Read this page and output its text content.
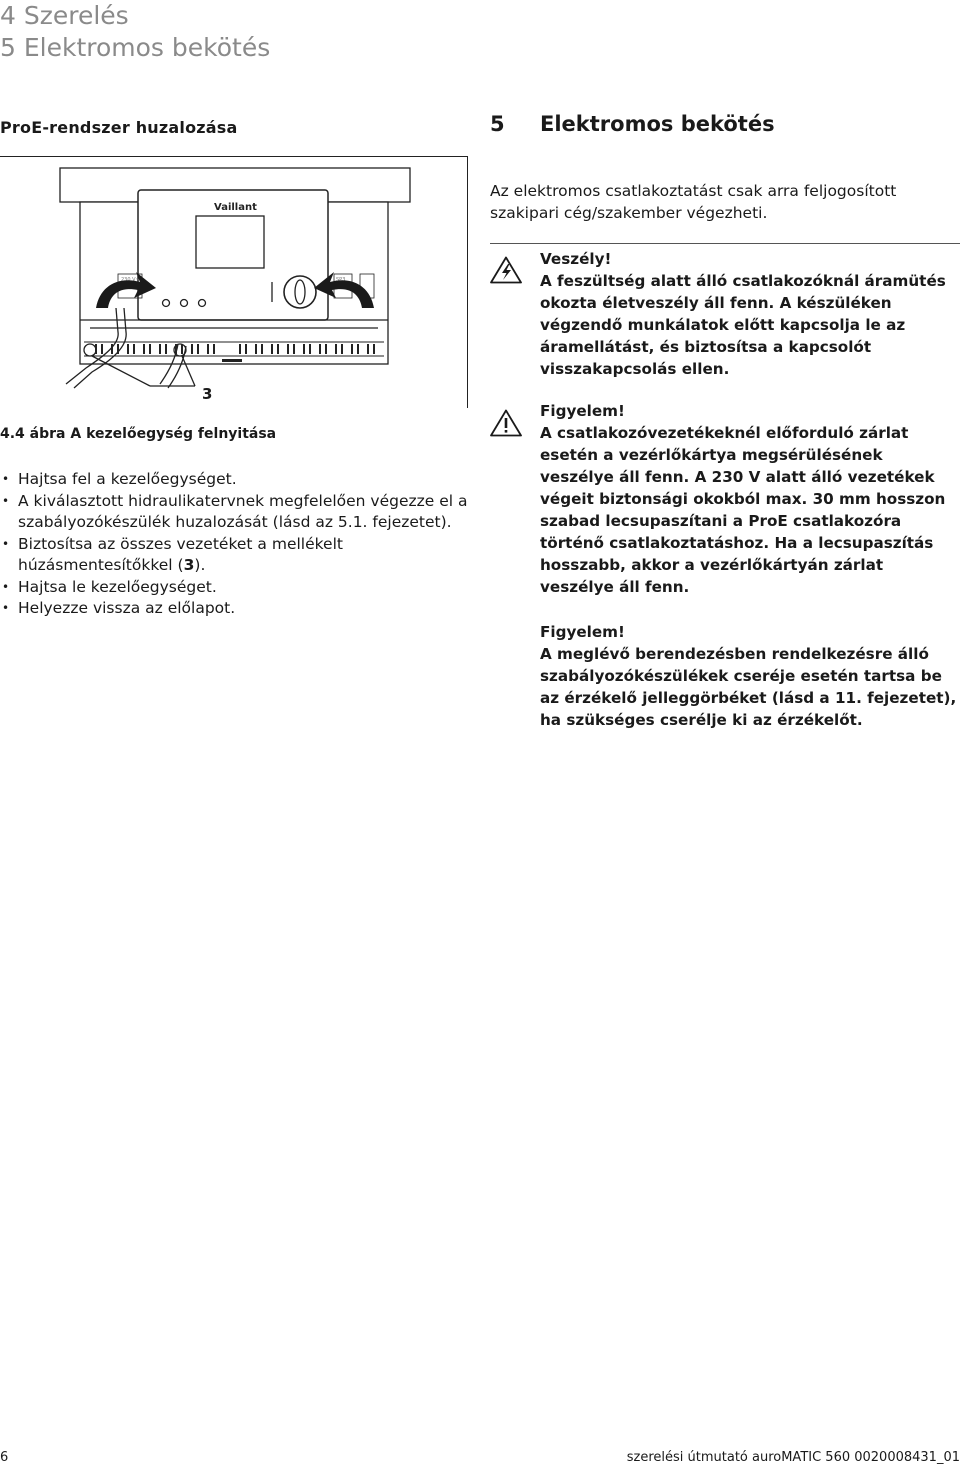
4 Szerelés
5 Elektromos bekötés
ProE-rendszer huzalozása
230 V~	SP3
Vaillant
3
4.4 ábra A kezelőegység felnyitása
• Hajtsa fel a kezelőegységet.
• A kiválasztott hidraulikatervnek megfelelően végezze el a szabályozókészülék huzalozását (lásd az 5.1. fejezetet).
• Biztosítsa az összes vezetéket a mellékelt húzásmentesítőkkel (3).
• Hajtsa le kezelőegységet.
• Helyezze vissza az előlapot.
5 Elektromos bekötés
Az elektromos csatlakoztatást csak arra feljogosított szakipari cég/szakember végezheti.
Veszély!
A feszültség alatt álló csatlakozóknál áramütés okozta életveszély áll fenn. A készüléken végzendő munkálatok előtt kapcsolja le az áramellátást, és biztosítsa a kapcsolót visszakapcsolás ellen.
Figyelem!
A csatlakozóvezetékeknél előforduló zárlat esetén a vezérlőkártya megsérülésének veszélye áll fenn. A 230 V alatt álló vezetékek végeit biztonsági okokból max. 30 mm hosszon szabad lecsupaszítani a ProE csatlakozóra történő csatlakoztatáshoz. Ha a lecsupaszítás hosszabb, akkor a vezérlőkártyán zárlat veszélye áll fenn.
Figyelem!
A meglévő berendezésben rendelkezésre álló szabályozókészülékek cseréje esetén tartsa be az érzékelő jelleggörbéket (lásd a 11. fejezetet), ha szükséges cserélje ki az érzékelőt.
6	szerelési útmutató auroMATIC 560 0020008431_01
